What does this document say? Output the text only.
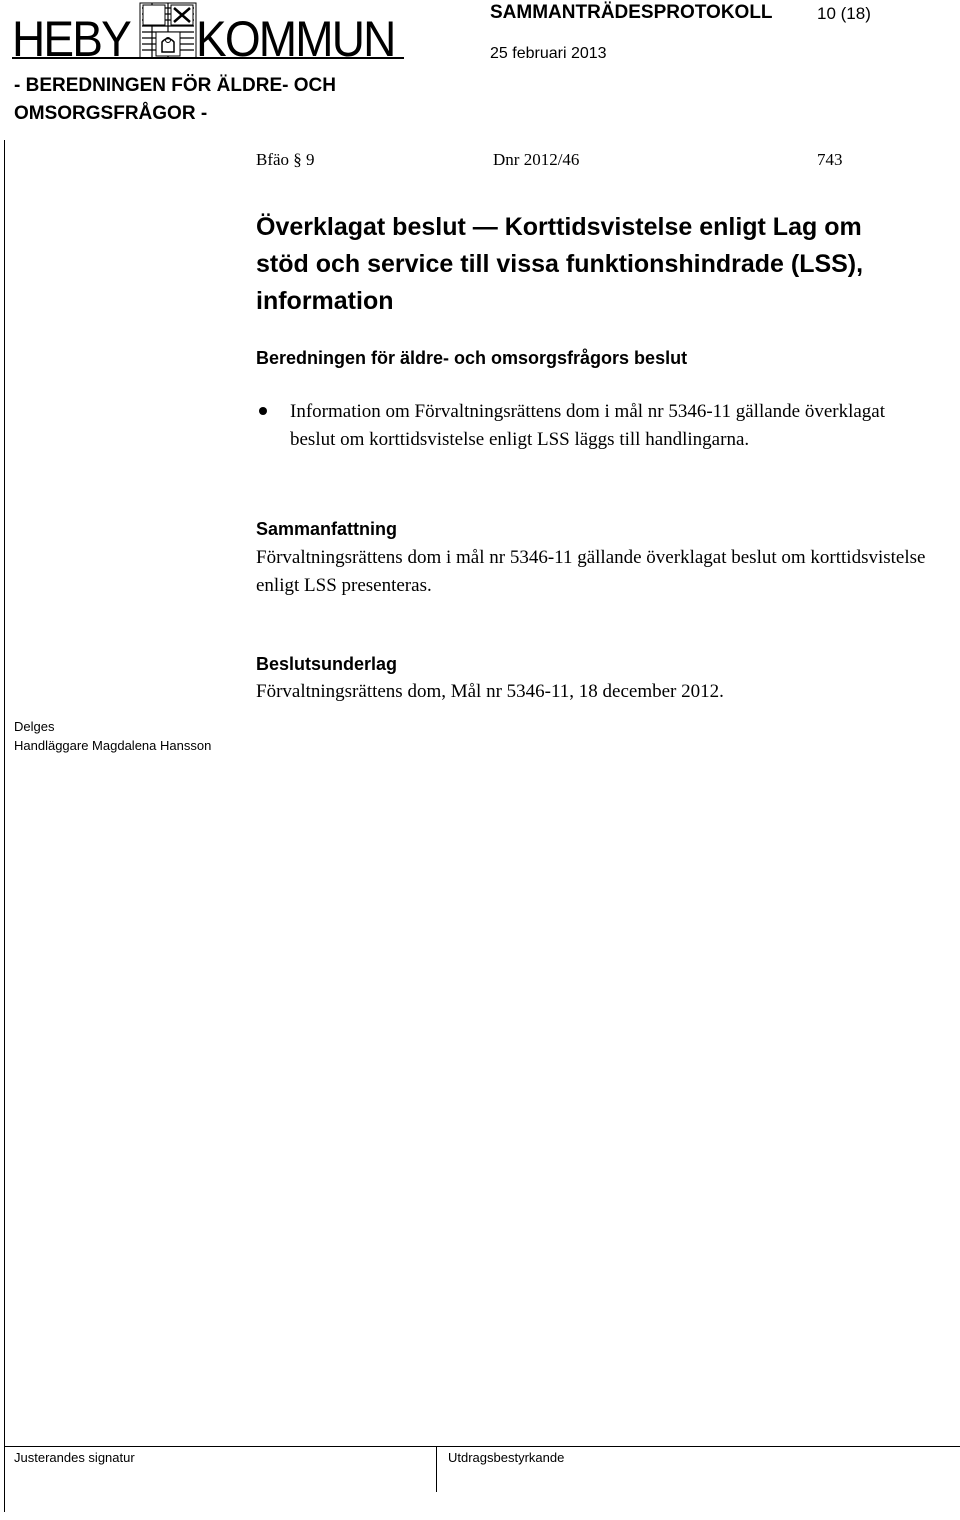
HEBY KOMMUN	SAMMANTRÄDESPROTOKOLL	10 (18)
25 februari 2013
- BEREDNINGEN FÖR ÄLDRE- OCH OMSORGSFRÅGOR -
Bfäo § 9	Dnr 2012/46	743
Överklagat beslut — Korttidsvistelse enligt Lag om stöd och service till vissa funktionshindrade (LSS), information
Beredningen för äldre- och omsorgsfrågors beslut
Information om Förvaltningsrättens dom i mål nr 5346-11 gällande överklagat beslut om korttidsvistelse enligt LSS läggs till handlingarna.
Sammanfattning
Förvaltningsrättens dom i mål nr 5346-11 gällande överklagat beslut om korttidsvistelse enligt LSS presenteras.
Beslutsunderlag
Förvaltningsrättens dom, Mål nr 5346-11, 18 december 2012.
Delges
Handläggare Magdalena Hansson
Justerandes signatur	Utdragsbestyrkande
